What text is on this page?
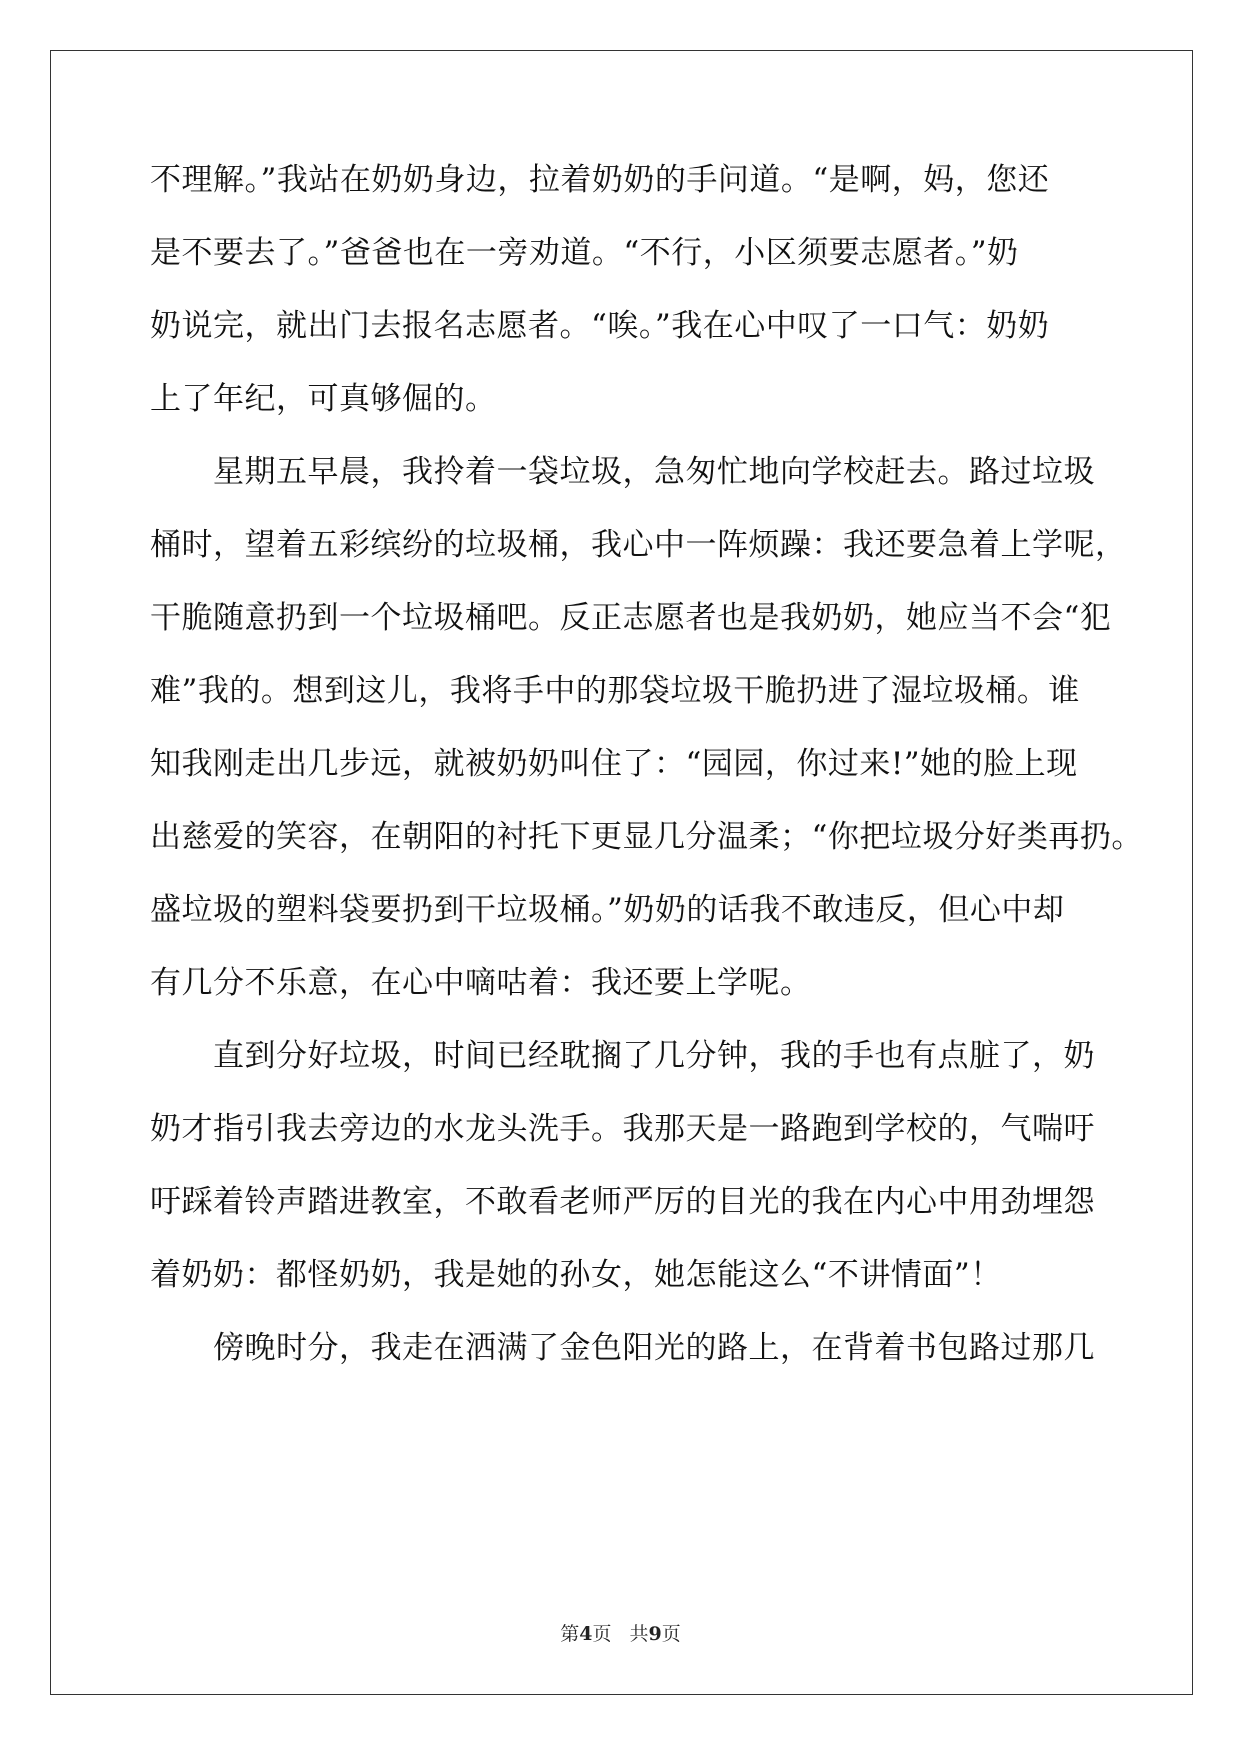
不理解。”我站在奶奶身边，拉着奶奶的手问道。“是啊，妈，您还
是不要去了。”爸爸也在一旁劝道。“不行，小区须要志愿者。”奶
奶说完，就出门去报名志愿者。“唉。”我在心中叹了一口气：奶奶
上了年纪，可真够倔的。
　　星期五早晨，我拎着一袋垃圾，急匆忙地向学校赶去。路过垃圾
桶时，望着五彩缤纷的垃圾桶，我心中一阵烦躁：我还要急着上学呢，
干脆随意扔到一个垃圾桶吧。反正志愿者也是我奶奶，她应当不会“犯
难”我的。想到这儿，我将手中的那袋垃圾干脆扔进了湿垃圾桶。谁
知我刚走出几步远，就被奶奶叫住了：“园园，你过来!”她的脸上现
出慈爱的笑容，在朝阳的衬托下更显几分温柔；“你把垃圾分好类再扔。
盛垃圾的塑料袋要扔到干垃圾桶。”奶奶的话我不敢违反，但心中却
有几分不乐意，在心中嘀咕着：我还要上学呢。
　　直到分好垃圾，时间已经耽搁了几分钟，我的手也有点脏了，奶
奶才指引我去旁边的水龙头洗手。我那天是一路跑到学校的，气喘吁
吁踩着铃声踏进教室，不敢看老师严厉的目光的我在内心中用劲埋怨
着奶奶：都怪奶奶，我是她的孙女，她怎能这么“不讲情面”！
　　傍晚时分，我走在洒满了金色阳光的路上，在背着书包路过那几
第4页 共9页
